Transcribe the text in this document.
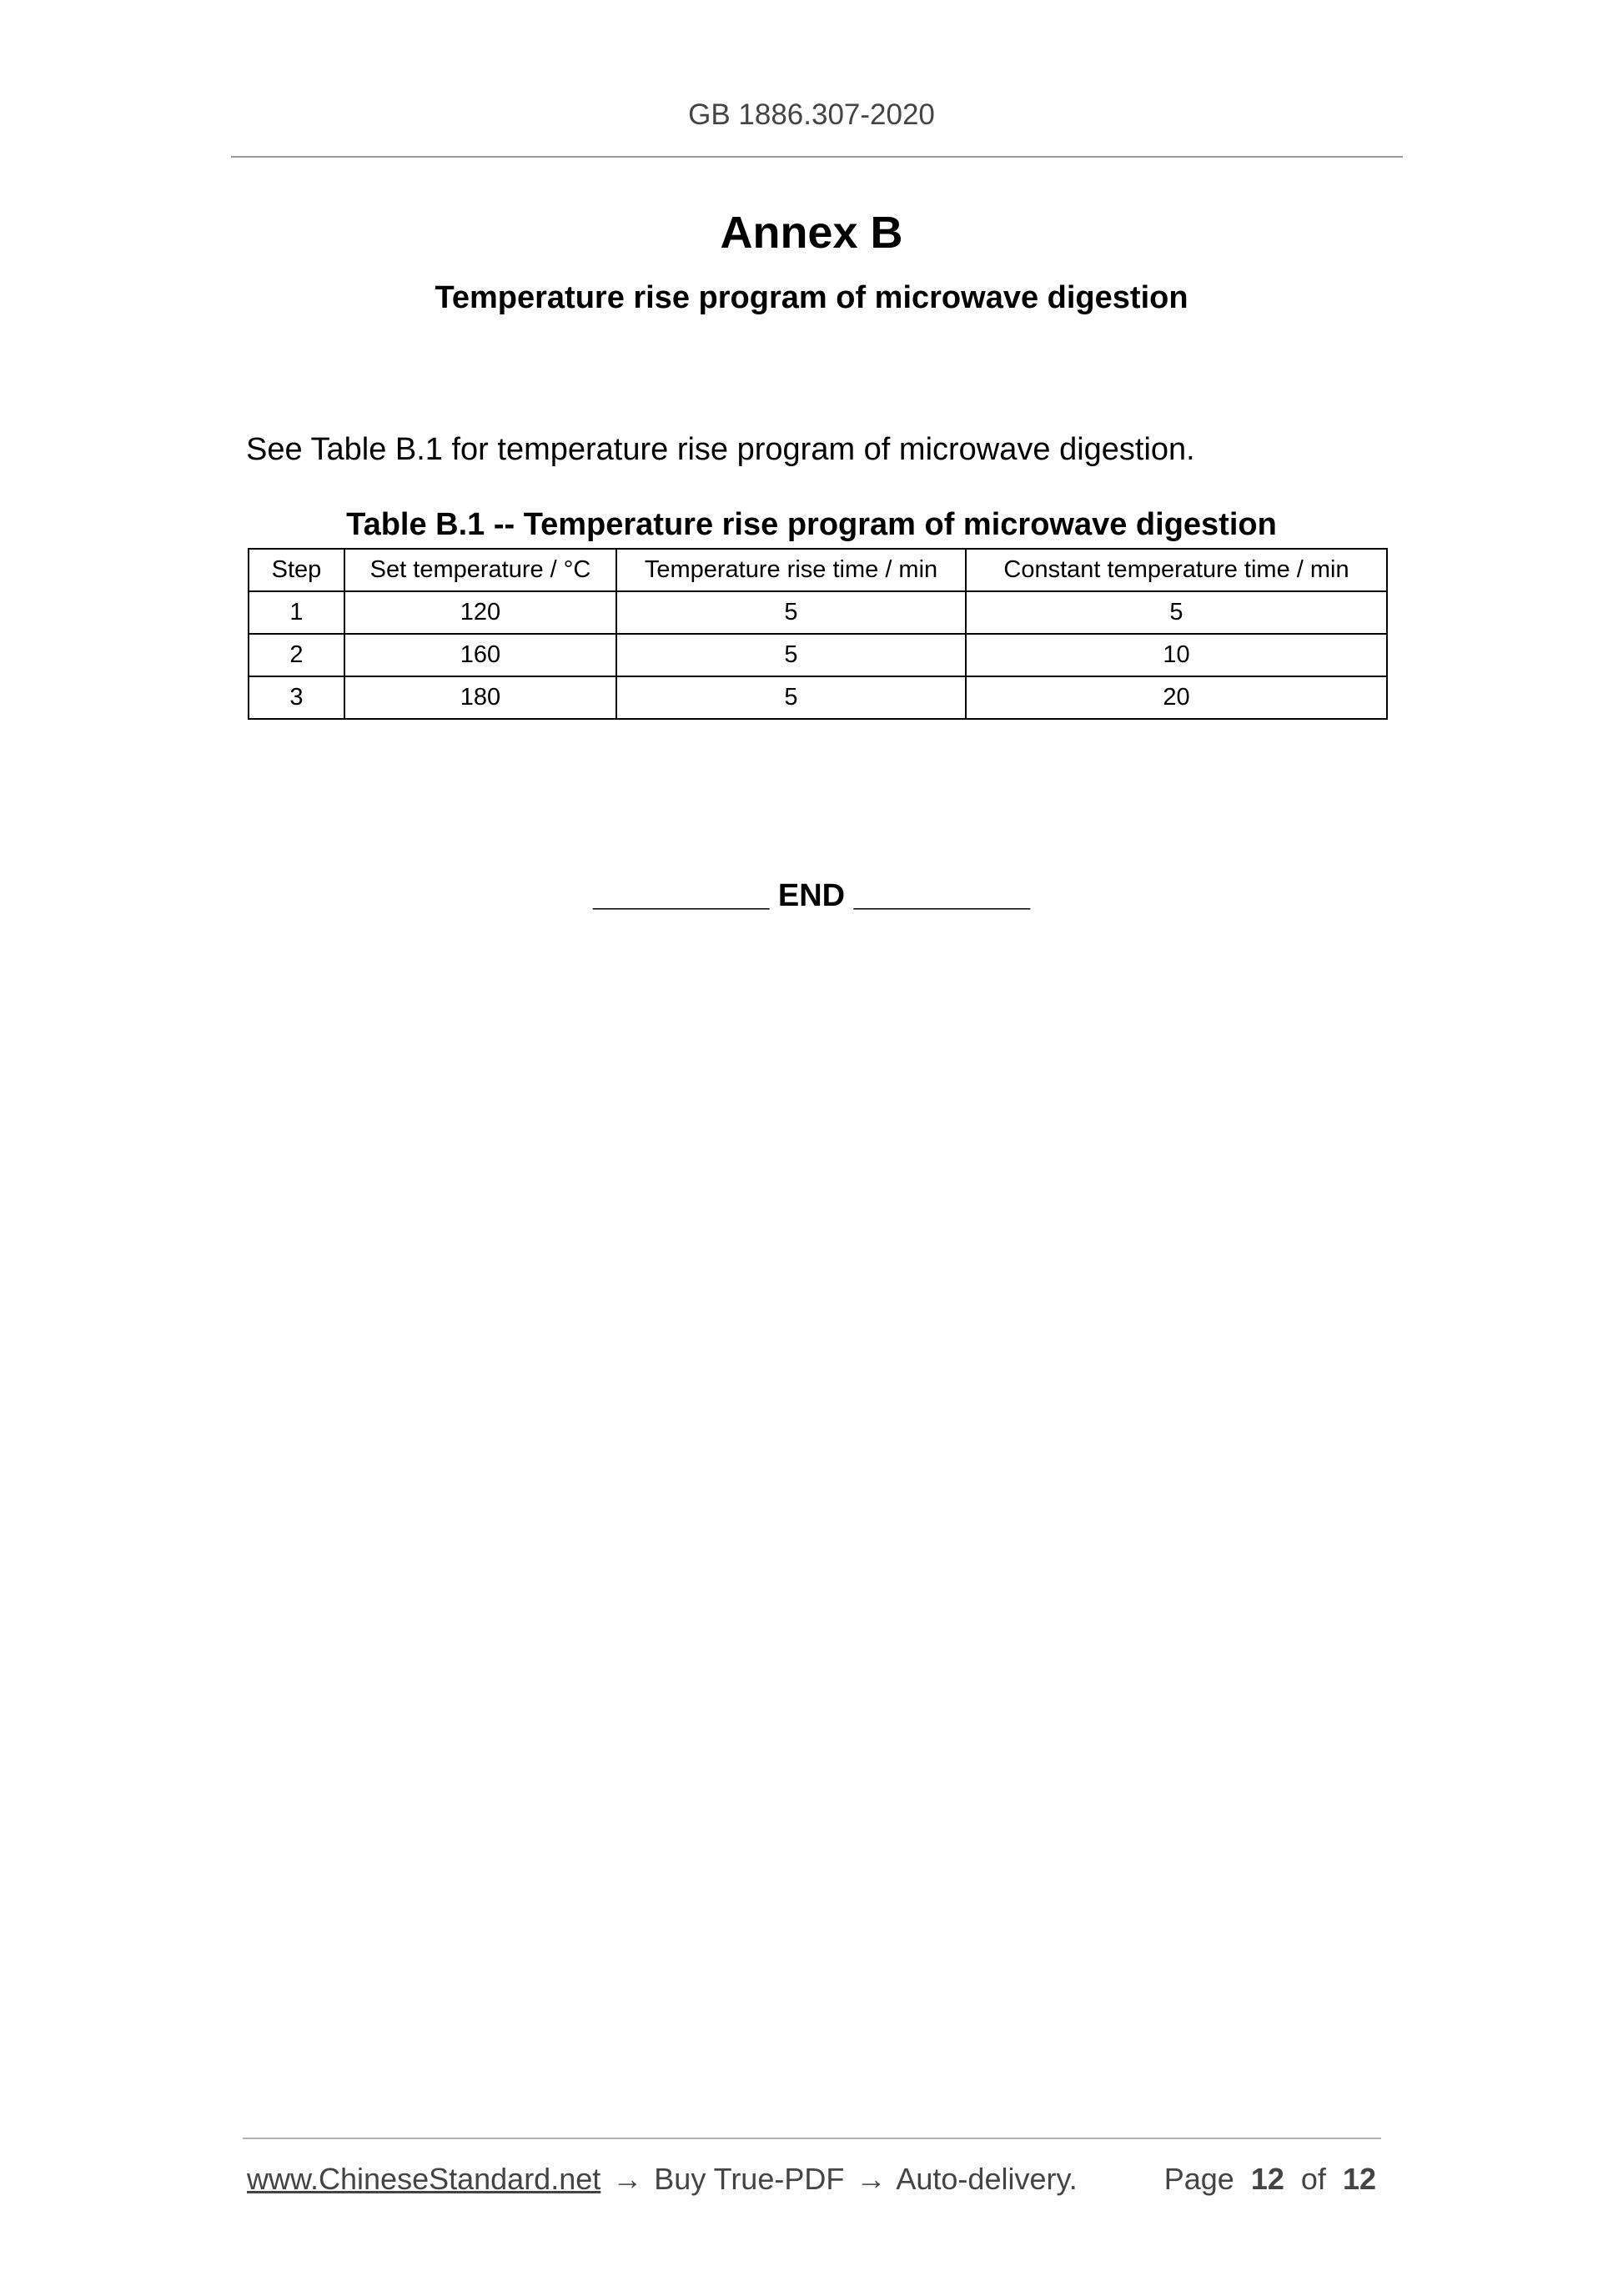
GB 1886.307-2020
Annex B
Temperature rise program of microwave digestion
See Table B.1 for temperature rise program of microwave digestion.
Table B.1 -- Temperature rise program of microwave digestion
Step	Set temperature / °C	Temperature rise time / min	Constant temperature time / min
1	120	5	5
2	160	5	10
3	180	5	20
__________ END __________
www.ChineseStandard.net → Buy True-PDF → Auto-delivery.	Page 12 of 12
